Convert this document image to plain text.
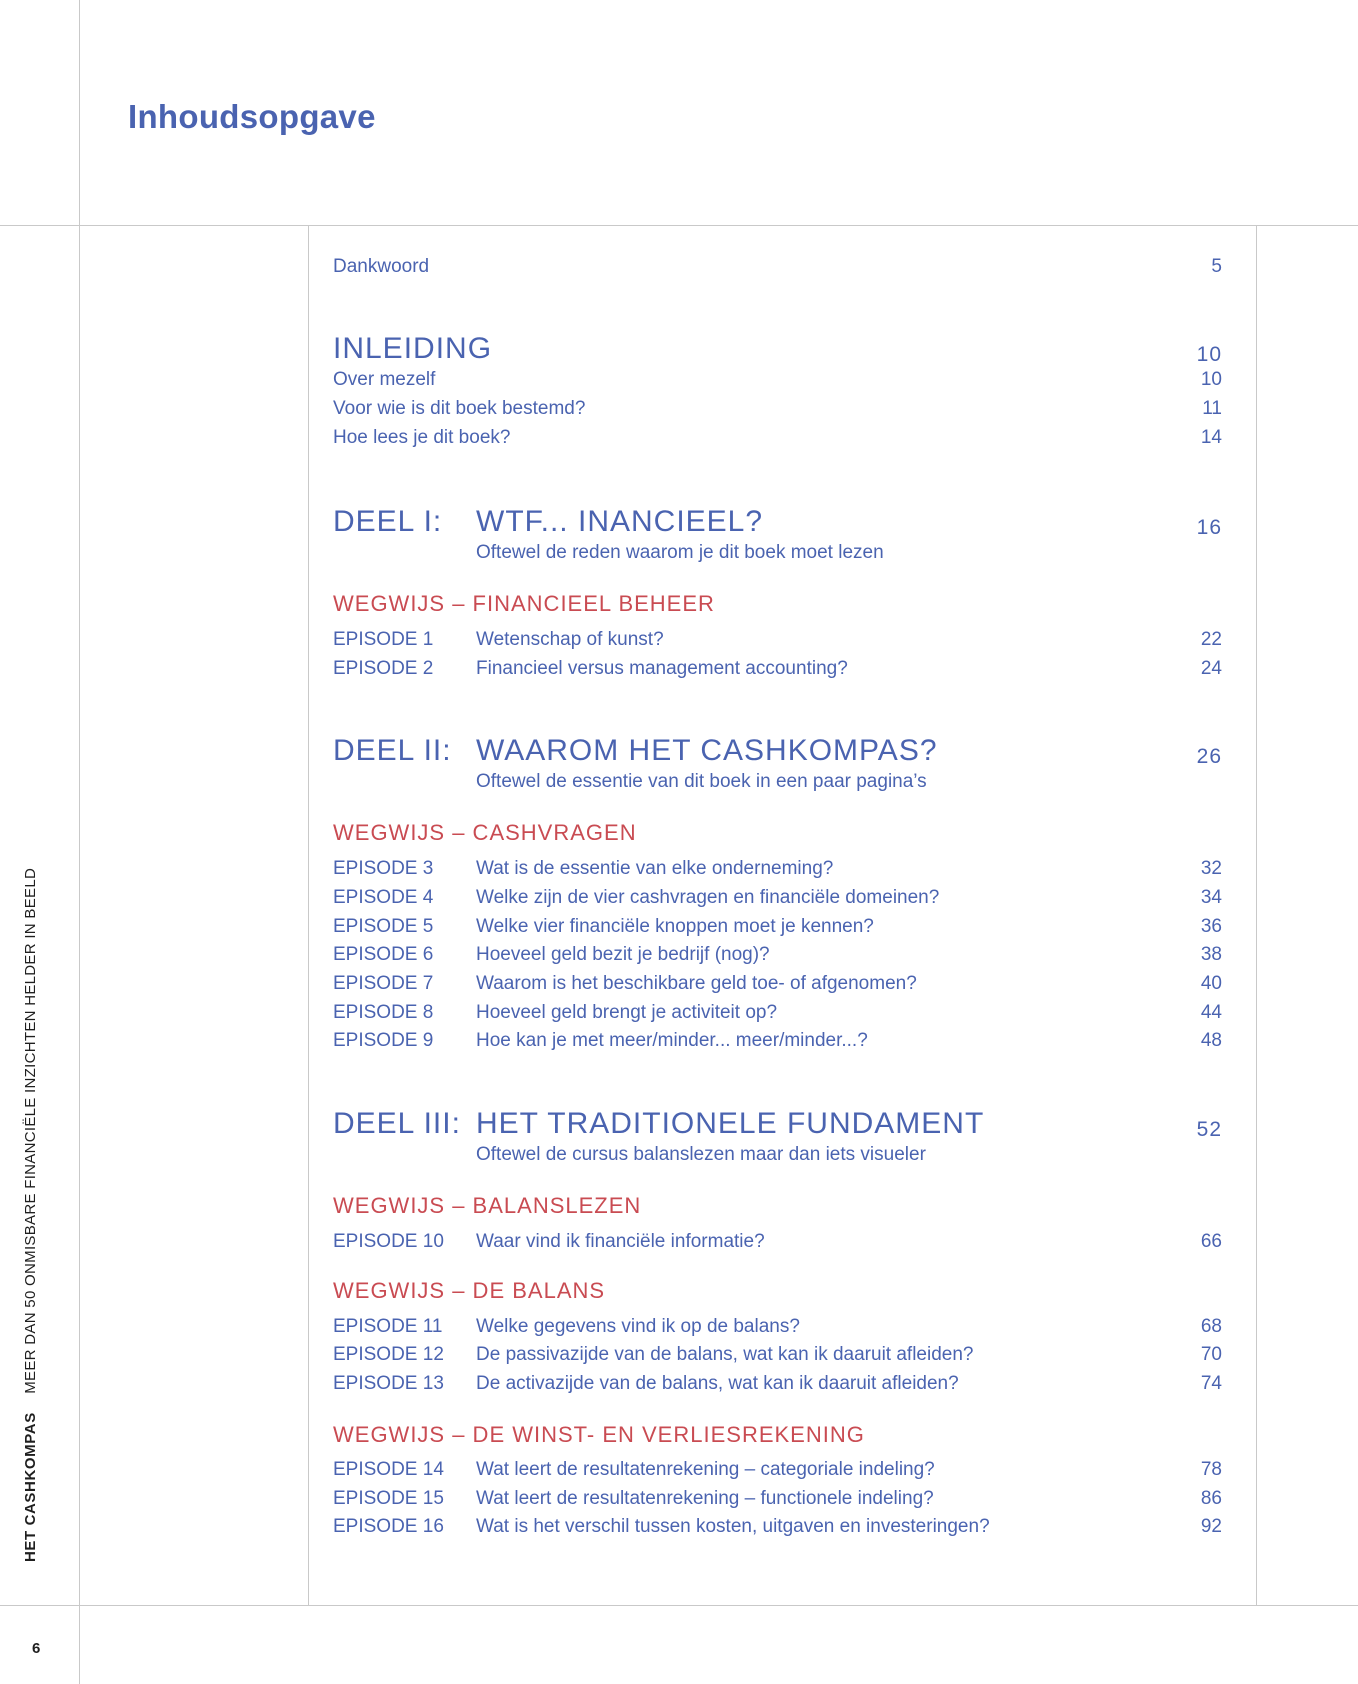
Inhoudsopgave
HET CASHKOMPAS MEER DAN 50 ONMISBARE FINANCIËLE INZICHTEN HELDER IN BEELD
6
Dankwoord	5
INLEIDING	10
Over mezelf	10
Voor wie is dit boek bestemd?	11
Hoe lees je dit boek?	14
DEEL I: WTF... INANCIEEL?	16
Oftewel de reden waarom je dit boek moet lezen
WEGWIJS – FINANCIEEL BEHEER
EPISODE 1 Wetenschap of kunst?	22
EPISODE 2 Financieel versus management accounting?	24
DEEL II: WAAROM HET CASHKOMPAS?	26
Oftewel de essentie van dit boek in een paar pagina’s
WEGWIJS – CASHVRAGEN
EPISODE 3 Wat is de essentie van elke onderneming?	32
EPISODE 4 Welke zijn de vier cashvragen en financiële domeinen?	34
EPISODE 5 Welke vier financiële knoppen moet je kennen?	36
EPISODE 6 Hoeveel geld bezit je bedrijf (nog)?	38
EPISODE 7 Waarom is het beschikbare geld toe- of afgenomen?	40
EPISODE 8 Hoeveel geld brengt je activiteit op?	44
EPISODE 9 Hoe kan je met meer/minder... meer/minder...?	48
DEEL III: HET TRADITIONELE FUNDAMENT	52
Oftewel de cursus balanslezen maar dan iets visueler
WEGWIJS – BALANSLEZEN
EPISODE 10 Waar vind ik financiële informatie?	66
WEGWIJS – DE BALANS
EPISODE 11 Welke gegevens vind ik op de balans?	68
EPISODE 12 De passivazijde van de balans, wat kan ik daaruit afleiden?	70
EPISODE 13 De activazijde van de balans, wat kan ik daaruit afleiden?	74
WEGWIJS – DE WINST- EN VERLIESREKENING
EPISODE 14 Wat leert de resultatenrekening – categoriale indeling?	78
EPISODE 15 Wat leert de resultatenrekening – functionele indeling?	86
EPISODE 16 Wat is het verschil tussen kosten, uitgaven en investeringen?	92
